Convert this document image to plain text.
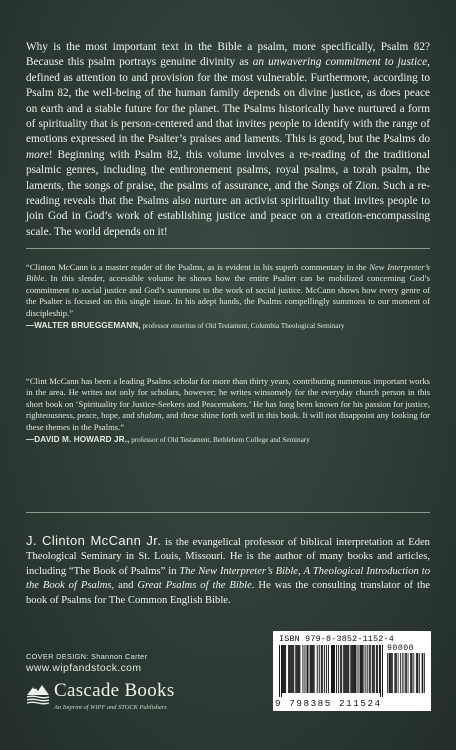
Why is the most important text in the Bible a psalm, more specifically, Psalm 82? Because this psalm portrays genuine divinity as an unwavering commitment to justice, defined as attention to and provision for the most vulnerable. Furthermore, according to Psalm 82, the well-being of the human family depends on divine justice, as does peace on earth and a stable future for the planet. The Psalms historically have nurtured a form of spirituality that is person-centered and that invites people to identify with the range of emotions expressed in the Psalter’s praises and laments. This is good, but the Psalms do more! Beginning with Psalm 82, this volume involves a re-reading of the traditional psalmic genres, including the enthronement psalms, royal psalms, a torah psalm, the laments, the songs of praise, the psalms of assurance, and the Songs of Zion. Such a re-reading reveals that the Psalms also nurture an activist spirituality that invites people to join God in God’s work of establishing justice and peace on a creation-encompassing scale. The world depends on it!

“Clinton McCann is a master reader of the Psalms, as is evident in his superb commentary in the New Interpreter’s Bible. In this slender, accessible volume he shows how the entire Psalter can be mobilized concerning God’s commitment to social justice and God’s summons to the work of social justice. McCann shows how every genre of the Psalter is focused on this single issue. In his adept hands, the Psalms compellingly summons to our moment of discipleship.”

—WALTER BRUEGGEMANN, professor emeritus of Old Testament, Columbia Theological Seminary

“Clint McCann has been a leading Psalms scholar for more than thirty years, contributing numerous important works in the area. He writes not only for scholars, however; he writes winsomely for the everyday church person in this short book on ‘Spirituality for Justice-Seekers and Peacemakers.’ He has long been known for his passion for justice, righteousness, peace, hope, and shalom, and these shine forth well in this book. It will not disappoint any looking for these themes in the Psalms.”

—DAVID M. HOWARD JR., professor of Old Testament, Bethlehem College and Seminary

J. Clinton McCann Jr. is the evangelical professor of biblical interpretation at Eden Theological Seminary in St. Louis, Missouri. He is the author of many books and articles, including “The Book of Psalms” in The New Interpreter’s Bible, A Theological Introduction to the Book of Psalms, and Great Psalms of the Bible. He was the consulting translator of the book of Psalms for The Common English Bible.

COVER DESIGN: Shannon Carter
www.wipfandstock.com
Cascade Books
An Imprint of WIPF and STOCK Publishers
ISBN 979-8-3852-1152-4
90000
9 798385 211524
